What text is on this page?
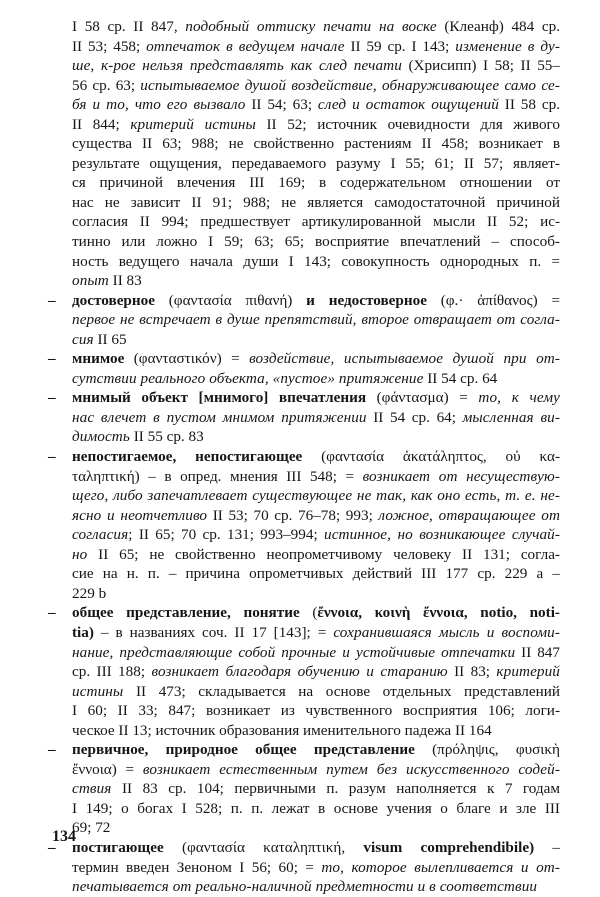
I 58 ср. II 847, подобный оттиску печати на воске (Клеанф) 484 ср.
II 53; 458; отпечаток в ведущем начале II 59 ср. I 143; изменение в ду-
ше, к-рое нельзя представлять как след печати (Хрисипп) I 58; II 55–
56 ср. 63; испытываемое душой воздействие, обнаруживающее само се-
бя и то, что его вызвало II 54; 63; след и остаток ощущений II 58 ср.
II 844; критерий истины II 52; источник очевидности для живого
существа II 63; 988; не свойственно растениям II 458; возникает в
результате ощущения, передаваемого разуму I 55; 61; II 57; являет-
ся причиной влечения III 169; в содержательном отношении от
нас не зависит II 91; 988; не является самодостаточной причиной
согласия II 994; предшествует артикулированной мысли II 52; ис-
тинно или ложно I 59; 63; 65; восприятие впечатлений – способ-
ность ведущего начала души I 143; совокупность однородных п. =
опыт II 83
– достоверное (φαντασία πιθανή) и недостоверное (φ.· ἀπίθανος) =
первое не встречает в душе препятствий, второе отвращает от согла-
сия II 65
– мнимое (φανταστικόν) = воздействие, испытываемое душой при от-
сутствии реального объекта, «пустое» притяжение II 54 ср. 64
– мнимый объект [мнимого] впечатления (φάντασμα) = то, к чему
нас влечет в пустом мнимом притяжении II 54 ср. 64; мысленная ви-
димость II 55 ср. 83
– непостигаемое, непостигающее (φαντασία ἀκατάληπτος, οὐ κα-
ταληπτική) – в опред. мнения III 548; = возникает от несуществую-
щего, либо запечатлевает существующее не так, как оно есть, т. е. не-
ясно и неотчетливо II 53; 70 ср. 76–78; 993; ложное, отвращающее от
согласия; II 65; 70 ср. 131; 993–994; истинное, но возникающее случай-
но II 65; не свойственно неопрометчивому человеку II 131; согла-
сие на н. п. – причина опрометчивых действий III 177 ср. 229 a –
229 b
– общее представление, понятие (ἔννοια, κοινὴ ἔννοια, notio, noti-
tia) – в названиях соч. II 17 [143]; = сохранившаяся мысль и воспоми-
нание, представляющие собой прочные и устойчивые отпечатки II 847
ср. III 188; возникает благодаря обучению и старанию II 83; критерий
истины II 473; складывается на основе отдельных представлений
I 60; II 33; 847; возникает из чувственного восприятия 106; логи-
ческое II 13; источник образования именительного падежа II 164
– первичное, природное общее представление (πρόληψις, φυσικὴ
ἔννοια) = возникает естественным путем без искусственного содей-
ствия II 83 ср. 104; первичными п. разум наполняется к 7 годам
I 149; о богах I 528; п. п. лежат в основе учения о благе и зле III
69; 72
– постигающее (φαντασία καταληπτική, visum comprehendibile) –
термин введен Зеноном I 56; 60; = то, которое вылепливается и от-
печатывается от реально-наличной предметности и в соответствии
134
